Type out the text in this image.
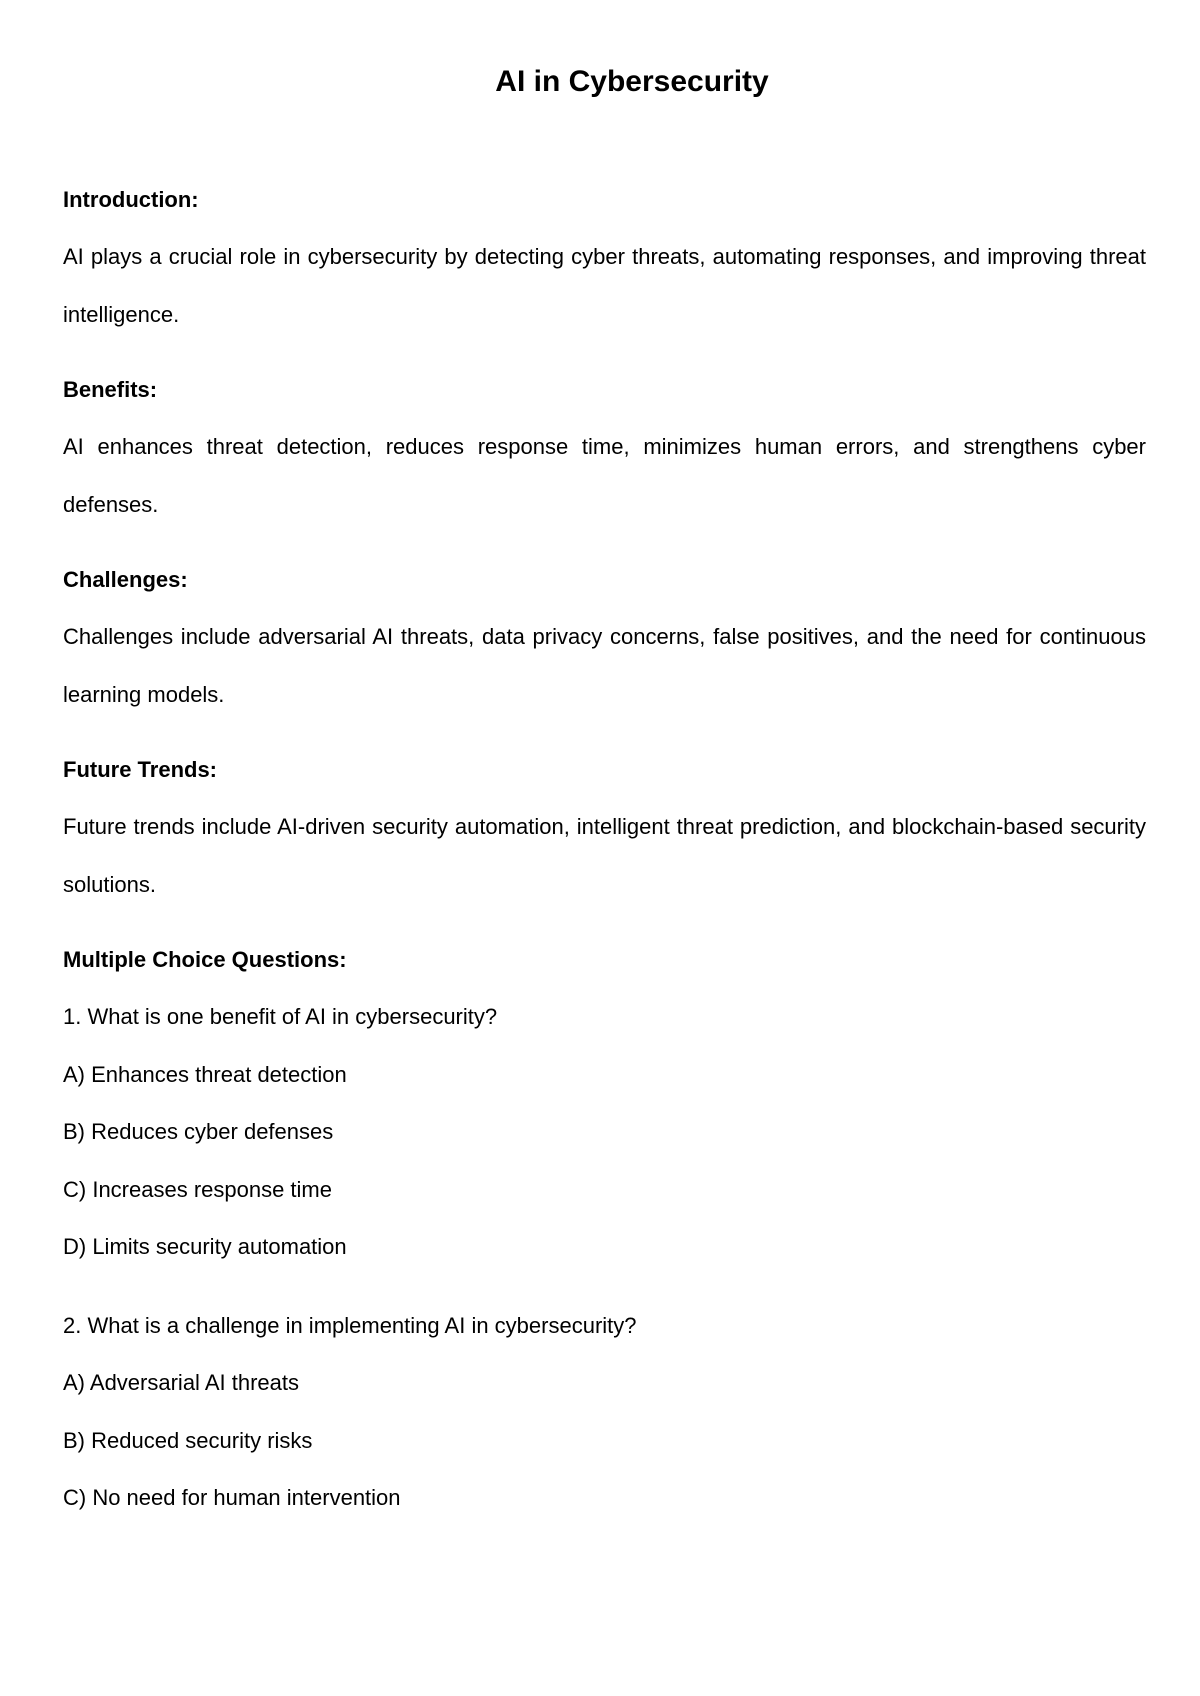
AI in Cybersecurity
Introduction:
AI plays a crucial role in cybersecurity by detecting cyber threats, automating responses, and improving threat intelligence.
Benefits:
AI enhances threat detection, reduces response time, minimizes human errors, and strengthens cyber defenses.
Challenges:
Challenges include adversarial AI threats, data privacy concerns, false positives, and the need for continuous learning models.
Future Trends:
Future trends include AI-driven security automation, intelligent threat prediction, and blockchain-based security solutions.
Multiple Choice Questions:
1. What is one benefit of AI in cybersecurity?
A) Enhances threat detection
B) Reduces cyber defenses
C) Increases response time
D) Limits security automation
2. What is a challenge in implementing AI in cybersecurity?
A) Adversarial AI threats
B) Reduced security risks
C) No need for human intervention
